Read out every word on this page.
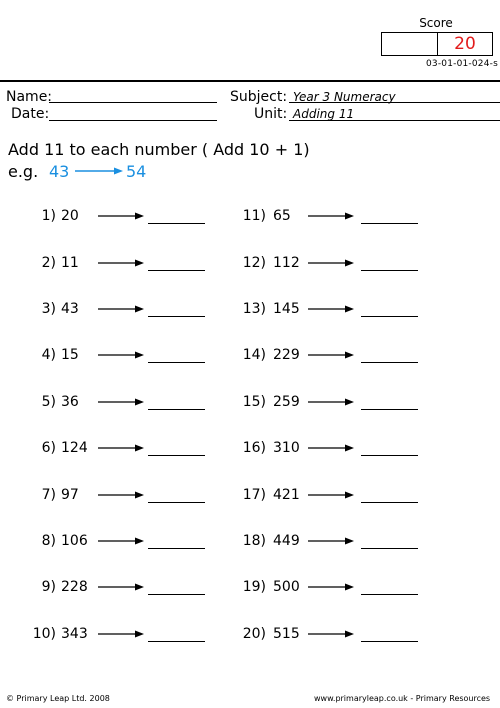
Score
20
03-01-01-024-s
Name:
Date:
Subject: Year 3 Numeracy
Unit: Adding 11
Add 11 to each number ( Add 10 + 1)
e.g. 43	54
1) 20
2) 11
3) 43
4) 15
5) 36
6) 124
7) 97
8) 106
9) 228
10) 343
11) 65
12) 112
13) 145
14) 229
15) 259
16) 310
17) 421
18) 449
19) 500
20) 515
© Primary Leap Ltd. 2008	www.primaryleap.co.uk - Primary Resources
